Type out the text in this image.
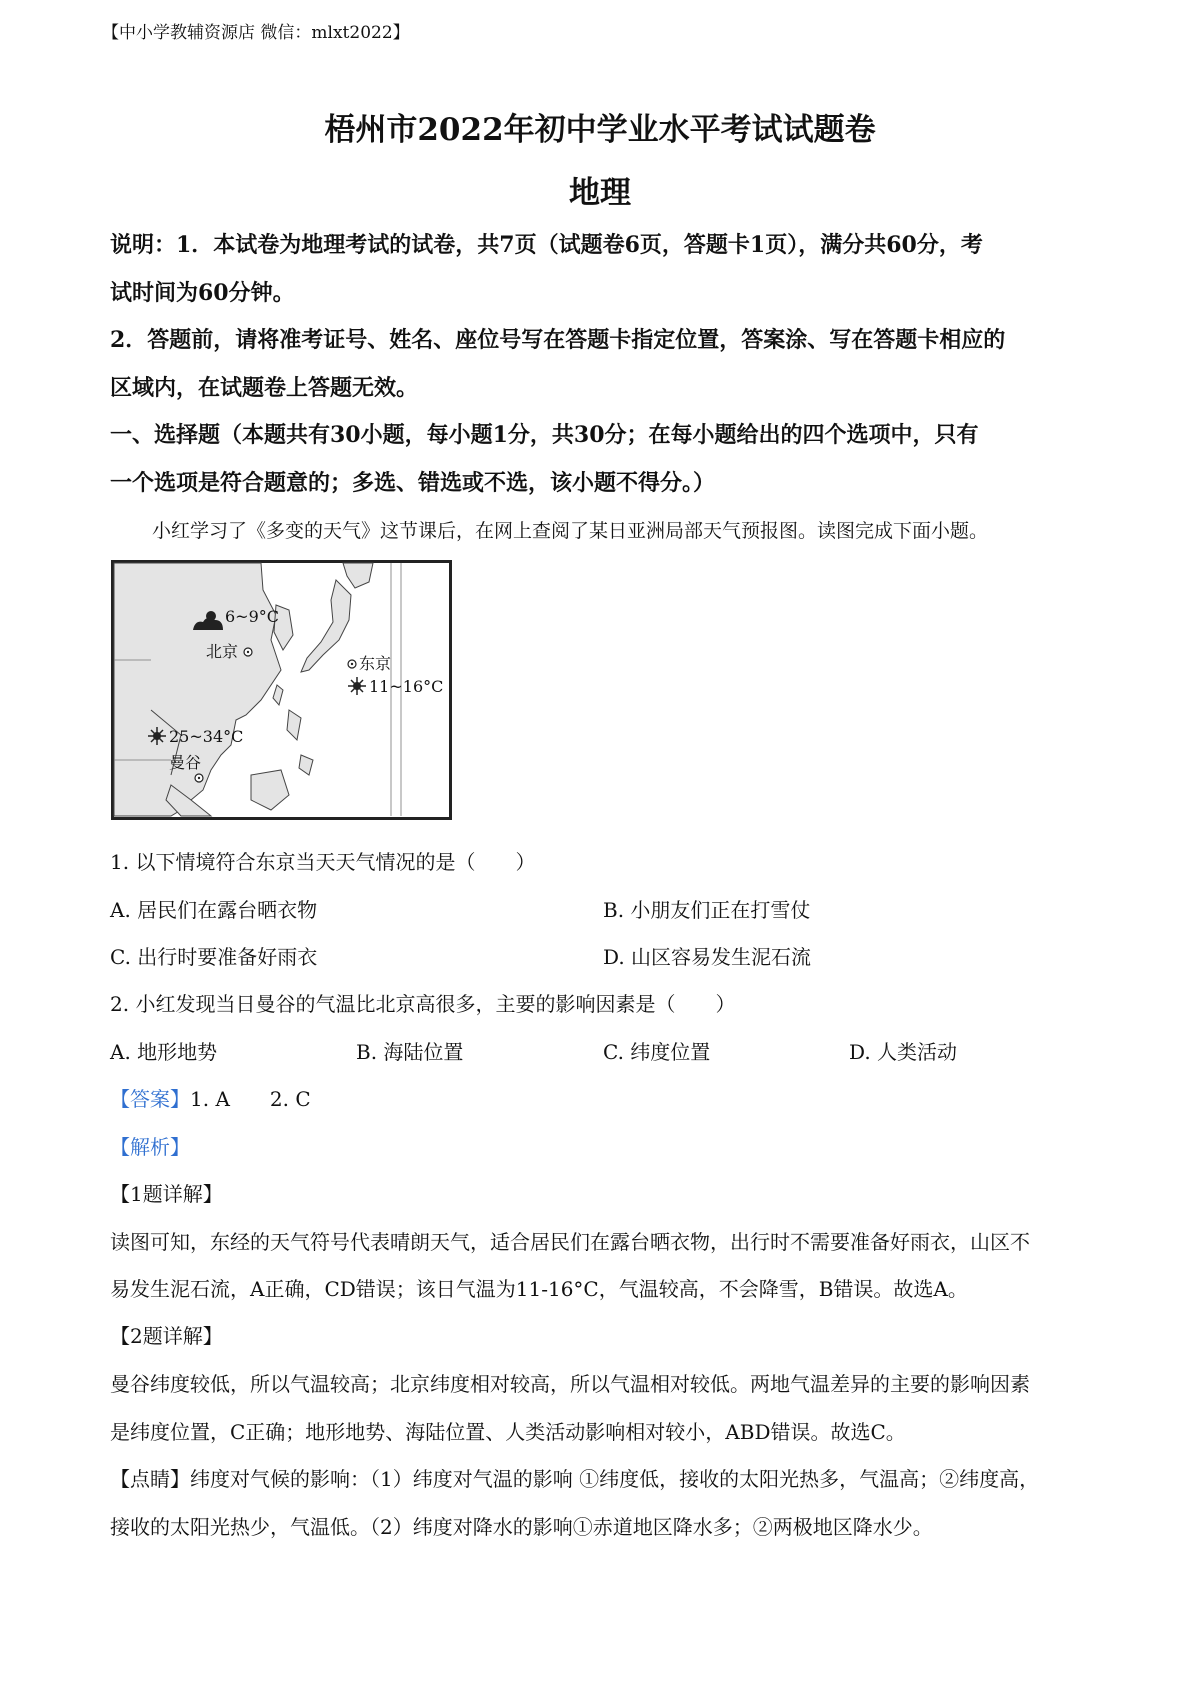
【中小学教辅资源店 微信：mlxt2022】
梧州市2022年初中学业水平考试试题卷
地理
说明：1．本试卷为地理考试的试卷，共7页（试题卷6页，答题卡1页），满分共60分，考
试时间为60分钟。
2．答题前，请将准考证号、姓名、座位号写在答题卡指定位置，答案涂、写在答题卡相应的
区域内，在试题卷上答题无效。
一、选择题（本题共有30小题，每小题1分，共30分；在每小题给出的四个选项中，只有
一个选项是符合题意的；多选、错选或不选，该小题不得分。）
小红学习了《多变的天气》这节课后，在网上查阅了某日亚洲局部天气预报图。读图完成下面小题。
6~9°C
北京
东京
11~16°C
25~34°C
曼谷
1. 以下情境符合东京当天天气情况的是（　　）
A. 居民们在露台晒衣物	B. 小朋友们正在打雪仗
C. 出行时要准备好雨衣	D. 山区容易发生泥石流
2. 小红发现当日曼谷的气温比北京高很多，主要的影响因素是（　　）
A. 地形地势	B. 海陆位置	C. 纬度位置	D. 人类活动
【答案】1. A　　2. C
【解析】
【1题详解】
读图可知，东经的天气符号代表晴朗天气，适合居民们在露台晒衣物，出行时不需要准备好雨衣，山区不
易发生泥石流，A正确，CD错误；该日气温为11-16°C，气温较高，不会降雪，B错误。故选A。
【2题详解】
曼谷纬度较低，所以气温较高；北京纬度相对较高，所以气温相对较低。两地气温差异的主要的影响因素
是纬度位置，C正确；地形地势、海陆位置、人类活动影响相对较小，ABD错误。故选C。
【点睛】纬度对气候的影响：（1）纬度对气温的影响 ①纬度低，接收的太阳光热多，气温高；②纬度高，
接收的太阳光热少，气温低。（2）纬度对降水的影响①赤道地区降水多；②两极地区降水少。
